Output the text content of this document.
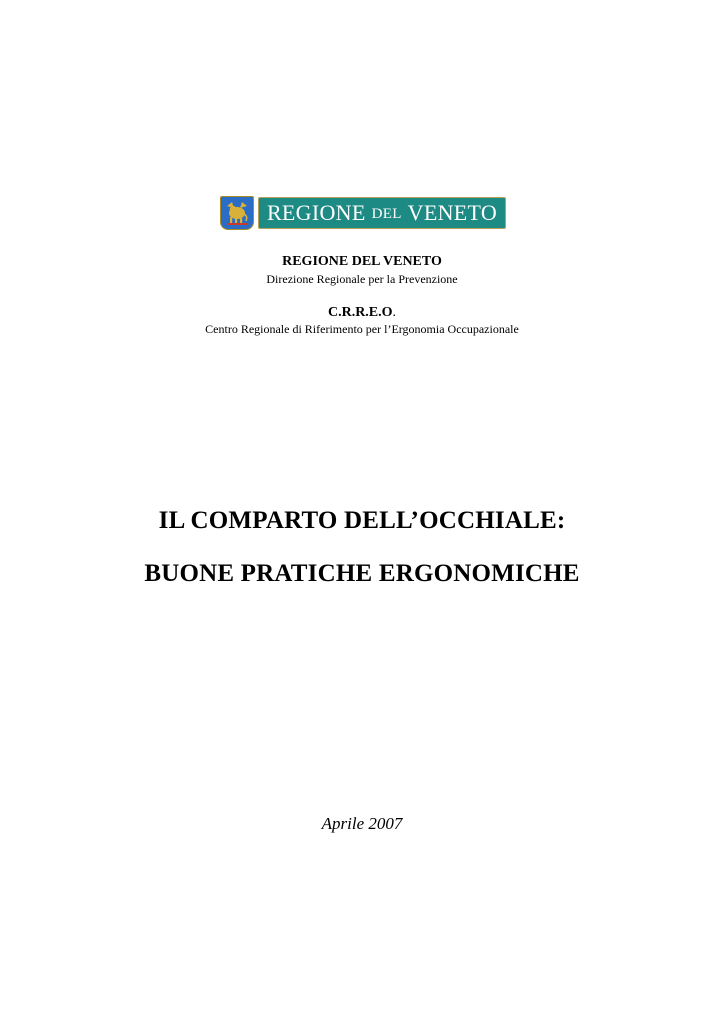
REGIONE DEL VENETO
REGIONE DEL VENETO
Direzione Regionale per la Prevenzione
C.R.R.E.O.
Centro Regionale di Riferimento per l’Ergonomia Occupazionale
IL COMPARTO DELL’OCCHIALE:
BUONE PRATICHE ERGONOMICHE
Aprile 2007
